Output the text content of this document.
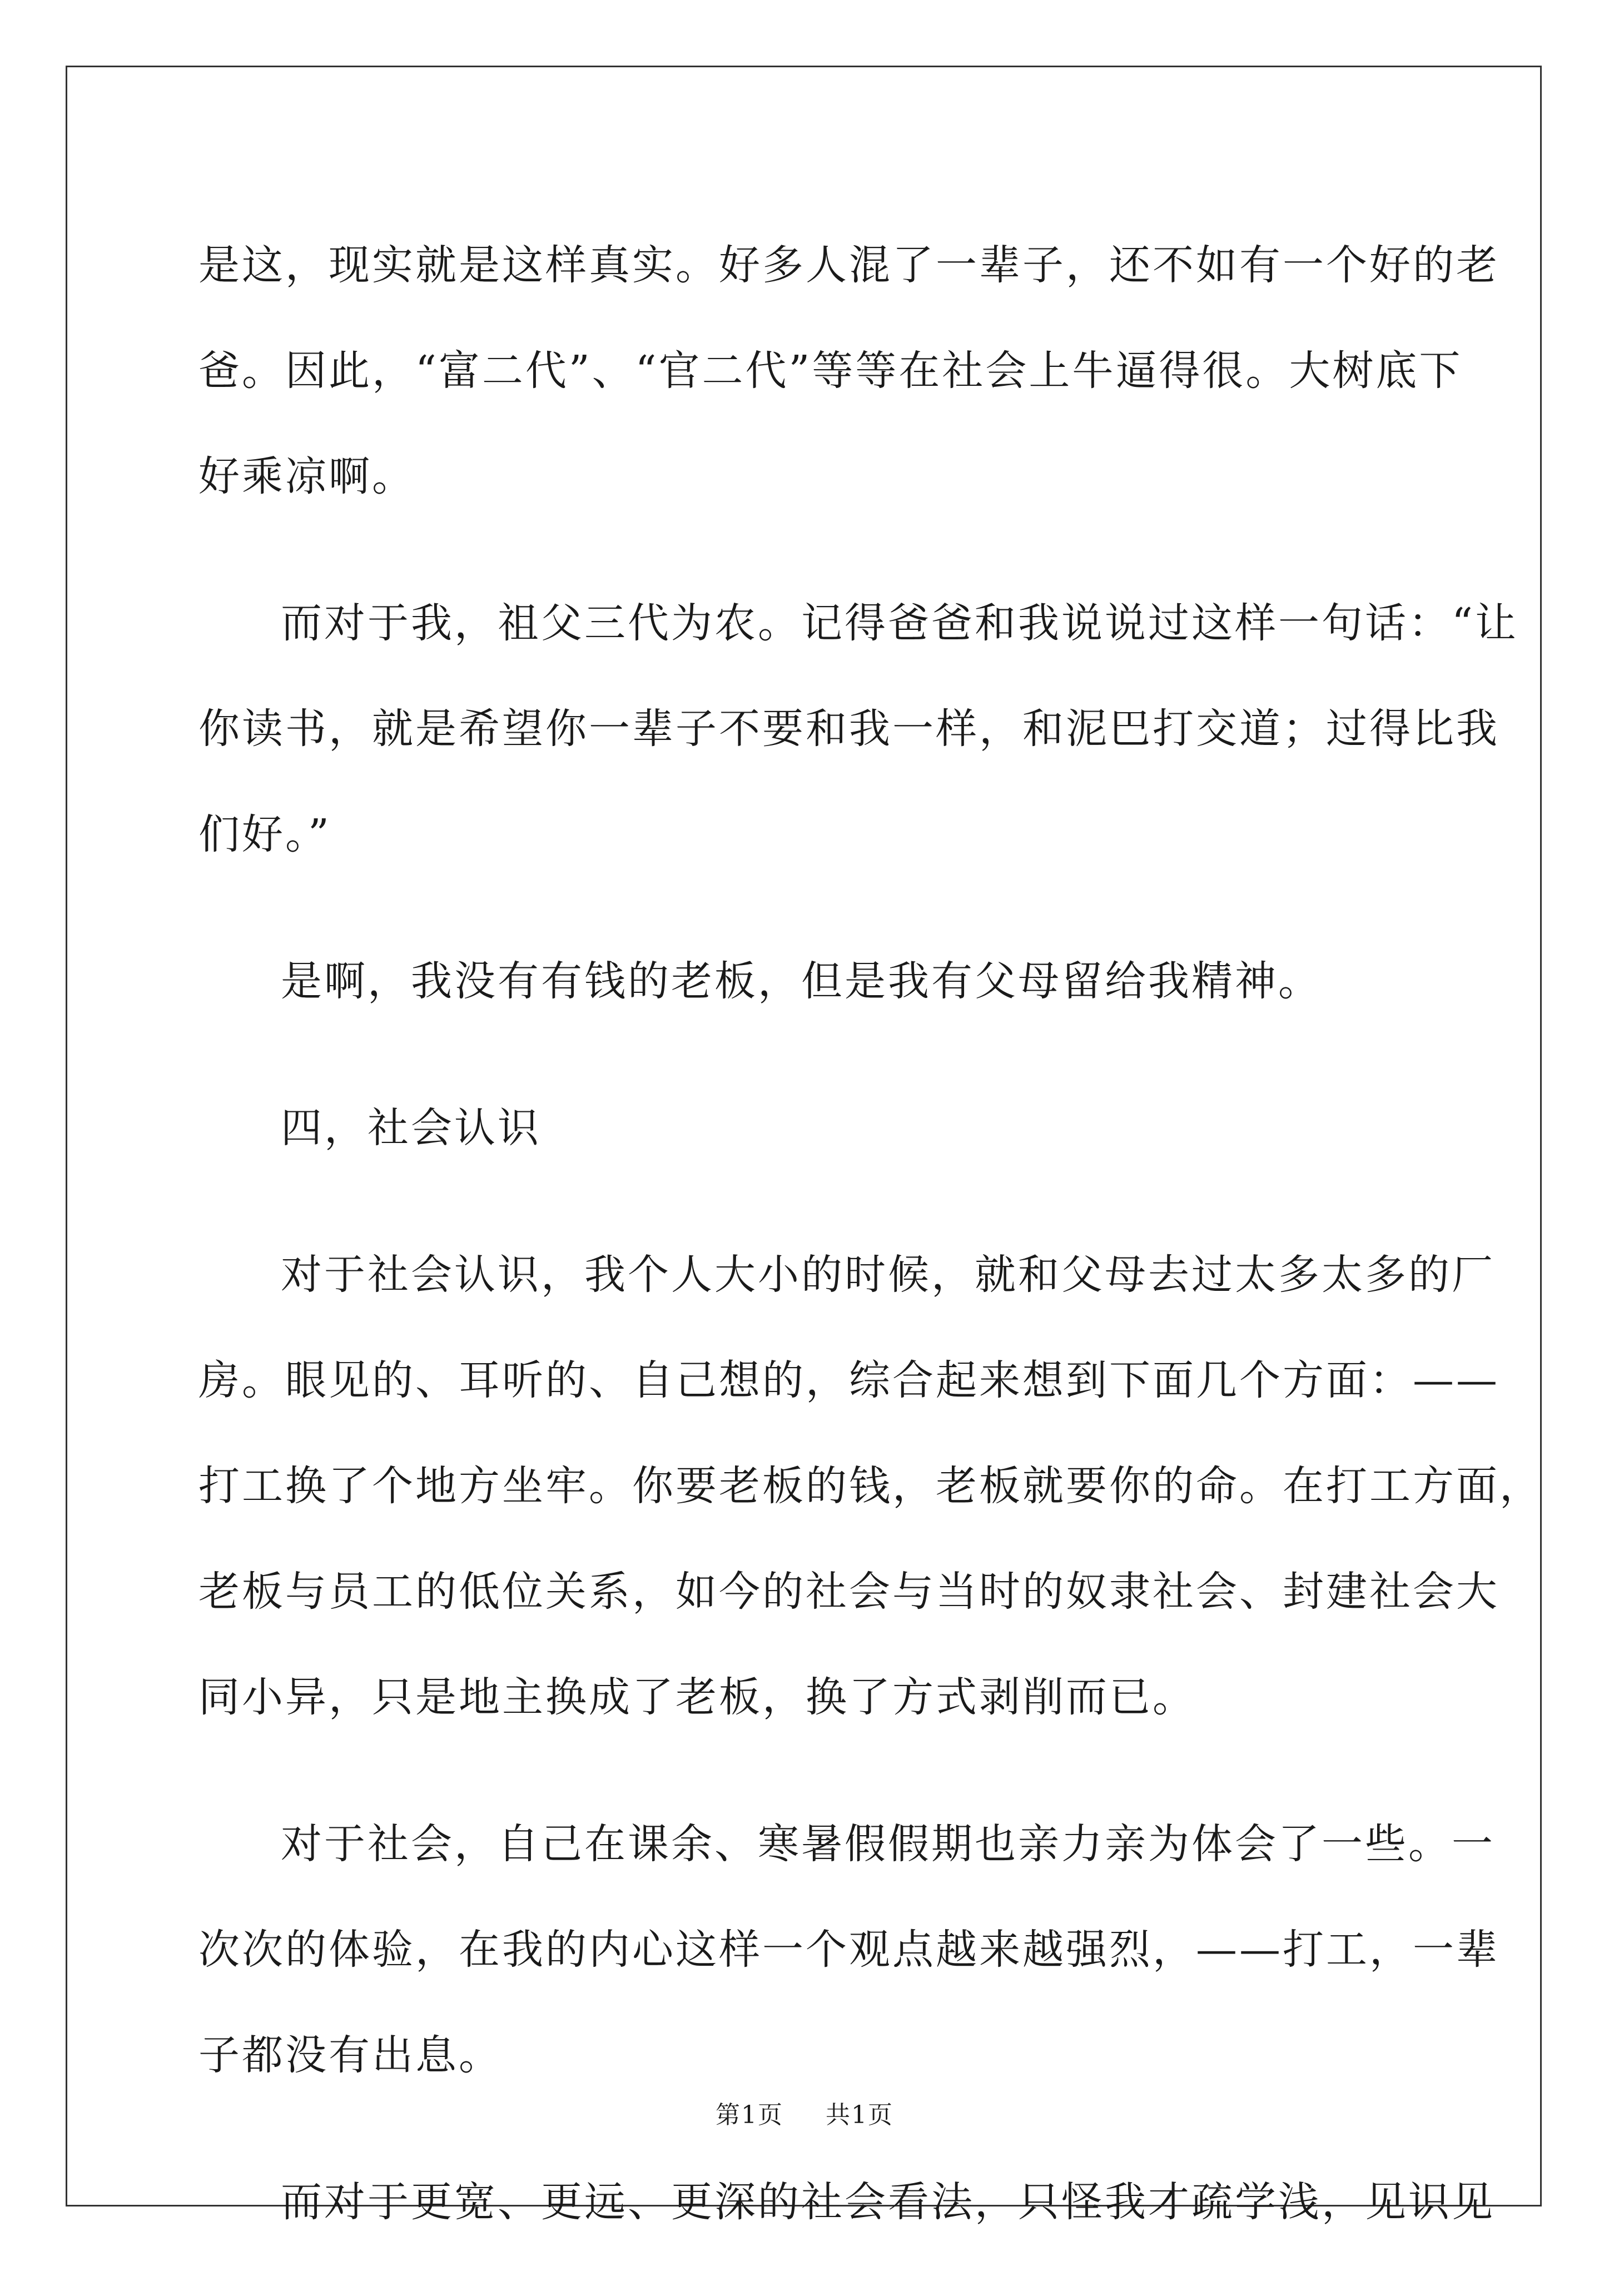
是这，现实就是这样真实。好多人混了一辈子，还不如有一个好的老
爸。因此，“富二代”、“官二代”等等在社会上牛逼得很。大树底下
好乘凉啊。

而对于我，祖父三代为农。记得爸爸和我说说过这样一句话：“让
你读书，就是希望你一辈子不要和我一样，和泥巴打交道；过得比我
们好。”

是啊，我没有有钱的老板，但是我有父母留给我精神。

四，社会认识

对于社会认识，我个人大小的时候，就和父母去过太多太多的厂
房。眼见的、耳听的、自己想的，综合起来想到下面几个方面：——
打工换了个地方坐牢。你要老板的钱，老板就要你的命。在打工方面，
老板与员工的低位关系，如今的社会与当时的奴隶社会、封建社会大
同小异，只是地主换成了老板，换了方式剥削而已。

对于社会，自己在课余、寒暑假假期也亲力亲为体会了一些。一
次次的体验，在我的内心这样一个观点越来越强烈，——打工，一辈
子都没有出息。

而对于更宽、更远、更深的社会看法，只怪我才疏学浅，见识见

第1页 共1页
